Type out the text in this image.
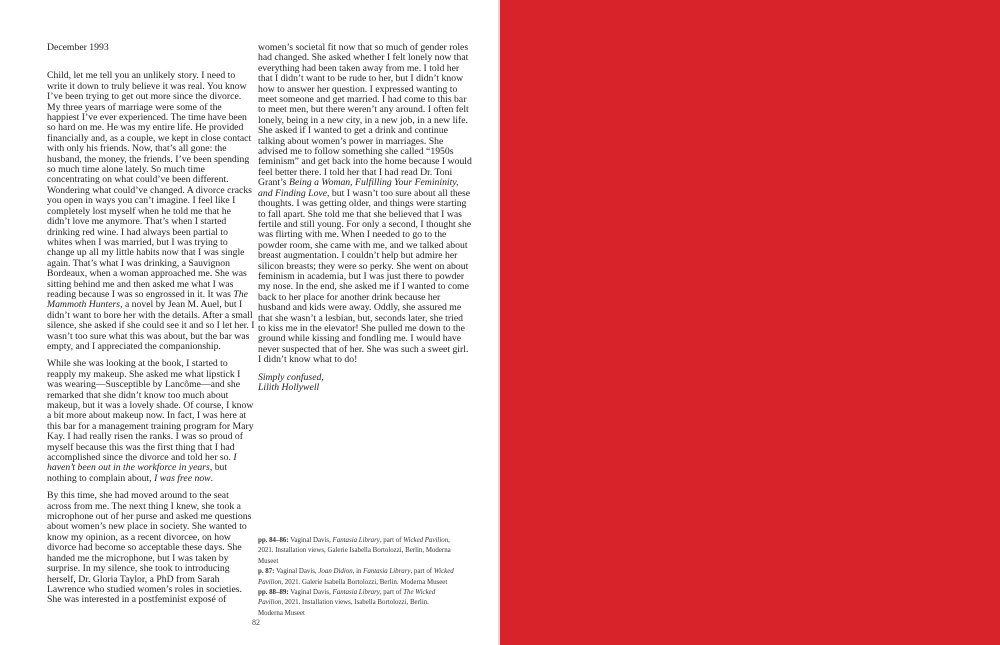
December 1993

Child, let me tell you an unlikely story. I need to write it down to truly believe it was real. You know I’ve been trying to get out more since the divorce. My three years of marriage were some of the happiest I’ve ever experienced. The time have been so hard on me. He was my entire life. He provided financially and, as a couple, we kept in close contact with only his friends. Now, that’s all gone: the husband, the money, the friends. I’ve been spending so much time alone lately. So much time concentrating on what could’ve been different. Wondering what could’ve changed. A divorce cracks you open in ways you can’t imagine. I feel like I completely lost myself when he told me that he didn’t love me anymore. That’s when I started drinking red wine. I had always been partial to whites when I was married, but I was trying to change up all my little habits now that I was single again. That’s what I was drinking, a Sauvignon Bordeaux, when a woman approached me. She was sitting behind me and then asked me what I was reading because I was so engrossed in it. It was The Mammoth Hunters, a novel by Jean M. Auel, but I didn’t want to bore her with the details. After a small silence, she asked if she could see it and so I let her. I wasn’t too sure what this was about, but the bar was empty, and I appreciated the companionship.

While she was looking at the book, I started to reapply my makeup. She asked me what lipstick I was wearing—Susceptible by Lancôme—and she remarked that she didn’t know too much about makeup, but it was a lovely shade. Of course, I know a bit more about makeup now. In fact, I was here at this bar for a management training program for Mary Kay. I had really risen the ranks. I was so proud of myself because this was the first thing that I had accomplished since the divorce and told her so. I haven’t been out in the workforce in years, but nothing to complain about, I was free now.

By this time, she had moved around to the seat across from me. The next thing I knew, she took a microphone out of her purse and asked me questions about women’s new place in society. She wanted to know my opinion, as a recent divorcee, on how divorce had become so acceptable these days. She handed me the microphone, but I was taken by surprise. In my silence, she took to introducing herself, Dr. Gloria Taylor, a PhD from Sarah Lawrence who studied women’s roles in societies. She was interested in a postfeminist exposé of

women’s societal fit now that so much of gender roles had changed. She asked whether I felt lonely now that everything had been taken away from me. I told her that I didn’t want to be rude to her, but I didn’t know how to answer her question. I expressed wanting to meet someone and get married. I had come to this bar to meet men, but there weren’t any around. I often felt lonely, being in a new city, in a new job, in a new life. She asked if I wanted to get a drink and continue talking about women’s power in marriages. She advised me to follow something she called “1950s feminism” and get back into the home because I would feel better there. I told her that I had read Dr. Toni Grant’s Being a Woman, Fulfilling Your Femininity, and Finding Love, but I wasn’t too sure about all these thoughts. I was getting older, and things were starting to fall apart. She told me that she believed that I was fertile and still young. For only a second, I thought she was flirting with me. When I needed to go to the powder room, she came with me, and we talked about breast augmentation. I couldn’t help but admire her silicon breasts; they were so perky. She went on about feminism in academia, but I was just there to powder my nose. In the end, she asked me if I wanted to come back to her place for another drink because her husband and kids were away. Oddly, she assured me that she wasn’t a lesbian, but, seconds later, she tried to kiss me in the elevator! She pulled me down to the ground while kissing and fondling me. I would have never suspected that of her. She was such a sweet girl. I didn’t know what to do!

Simply confused,
Lilith Hollywell

pp. 84–86: Vaginal Davis, Fantasia Library, part of Wicked Pavilion, 2021. Installation views, Galerie Isabella Bortolozzi, Berlin, Moderna Museet

p. 87: Vaginal Davis, Joan Didion, in Fantasia Library, part of Wicked Pavilion, 2021. Galerie Isabella Bortolozzi, Berlin. Moderna Museet

pp. 88–89: Vaginal Davis, Fantasia Library, part of The Wicked Pavilion, 2021. Installation views, Isabella Bortolozzi, Berlin. Moderna Museet

82
